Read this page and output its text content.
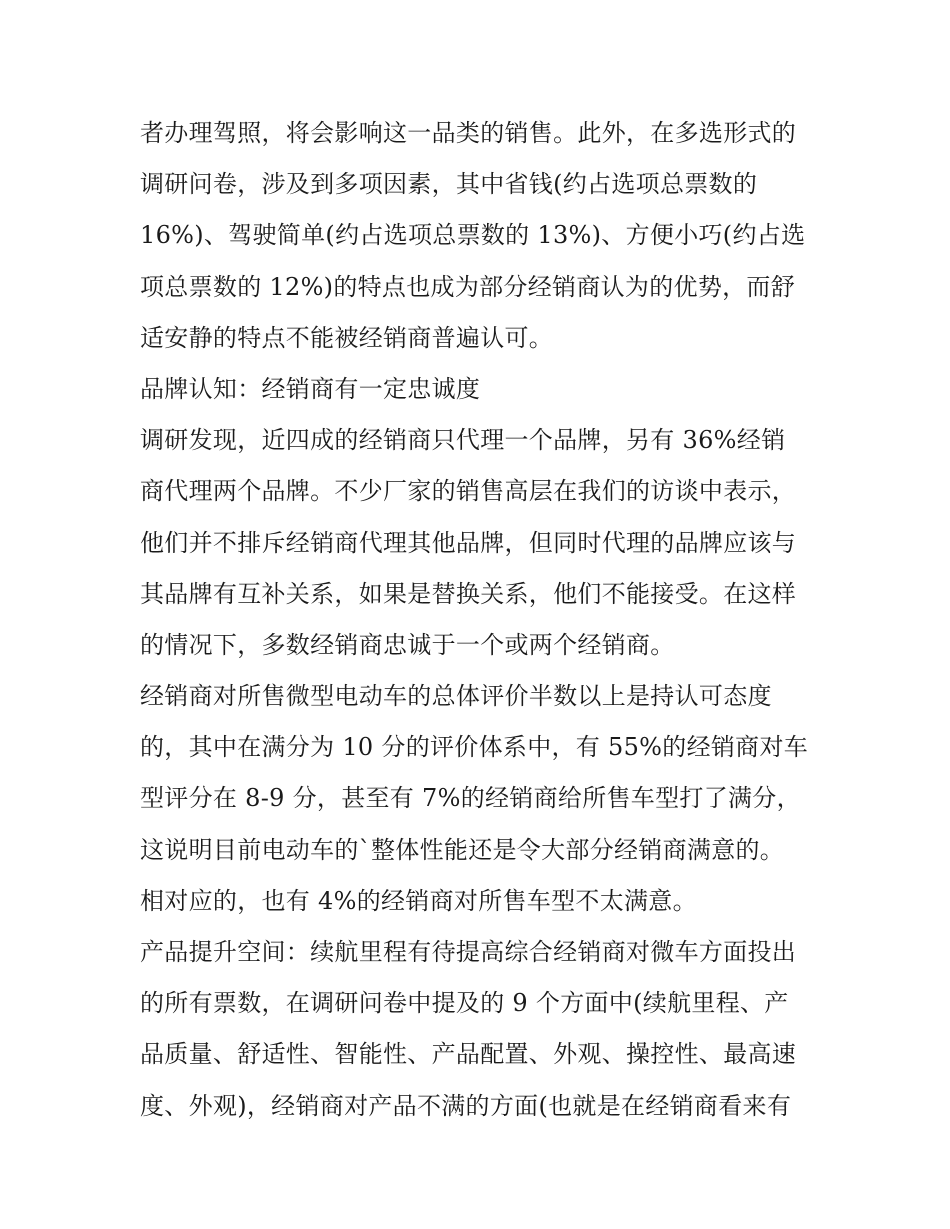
者办理驾照，将会影响这一品类的销售。此外，在多选形式的
调研问卷，涉及到多项因素，其中省钱(约占选项总票数的
16%)、驾驶简单(约占选项总票数的 13%)、方便小巧(约占选
项总票数的 12%)的特点也成为部分经销商认为的优势，而舒
适安静的特点不能被经销商普遍认可。
品牌认知：经销商有一定忠诚度
调研发现，近四成的经销商只代理一个品牌，另有 36%经销
商代理两个品牌。不少厂家的销售高层在我们的访谈中表示，
他们并不排斥经销商代理其他品牌，但同时代理的品牌应该与
其品牌有互补关系，如果是替换关系，他们不能接受。在这样
的情况下，多数经销商忠诚于一个或两个经销商。
经销商对所售微型电动车的总体评价半数以上是持认可态度
的，其中在满分为 10 分的评价体系中，有 55%的经销商对车
型评分在 8-9 分，甚至有 7%的经销商给所售车型打了满分，
这说明目前电动车的`整体性能还是令大部分经销商满意的。
相对应的，也有 4%的经销商对所售车型不太满意。
产品提升空间：续航里程有待提高综合经销商对微车方面投出
的所有票数，在调研问卷中提及的 9 个方面中(续航里程、产
品质量、舒适性、智能性、产品配置、外观、操控性、最高速
度、外观)，经销商对产品不满的方面(也就是在经销商看来有
